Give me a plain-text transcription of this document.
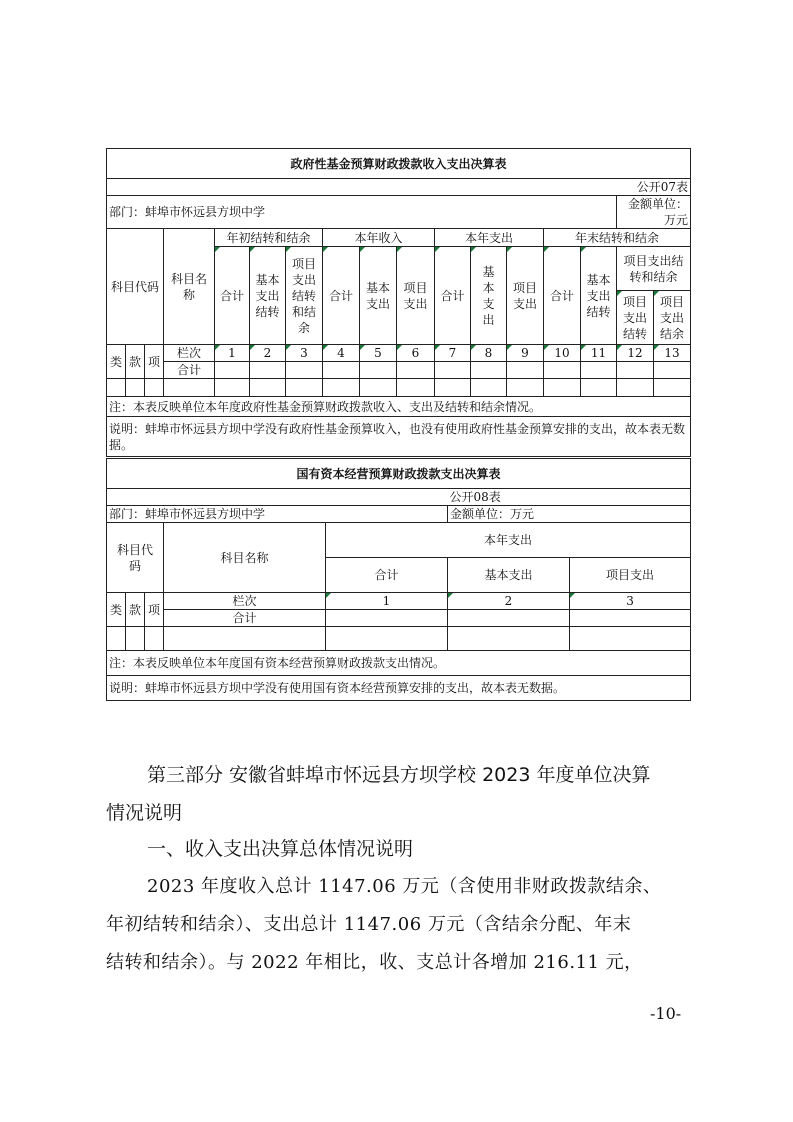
政府性基金预算财政拨款收入支出决算表																
公开07表																
部门：蚌埠市怀远县方坝中学															金额单位：万元	
科目代码			科目名称	年初结转和结余			本年收入			本年支出			年末结转和结余			
				合计	基本支出结转	项目支出结转和结余	合计	基本支出	项目支出	合计	基本支出	项目支出	合计	基本支出结转	项目支出结转和结余	
															项目支出结转	项目支出结余
类	款	项	栏次	1	2	3	4	5	6	7	8	9	10	11	12	13
			合计													

注：本表反映单位本年度政府性基金预算财政拨款收入、支出及结转和结余情况。																
说明：蚌埠市怀远县方坝中学没有政府性基金预算收入，也没有使用政府性基金预算安排的支出，故本表无数据。																
国有资本经营预算财政拨款支出决算表						
					公开08表	
部门：蚌埠市怀远县方坝中学					金额单位：万元	
科目代码			科目名称	本年支出		
				合计	基本支出	项目支出
类	款	项	栏次	1	2	3
			合计			

注：本表反映单位本年度国有资本经营预算财政拨款支出情况。						
说明：蚌埠市怀远县方坝中学没有使用国有资本经营预算安排的支出，故本表无数据。						
第三部分 安徽省蚌埠市怀远县方坝学校 2023 年度单位决算
情况说明
一、收入支出决算总体情况说明
2023 年度收入总计 1147.06 万元（含使用非财政拨款结余、
年初结转和结余）、支出总计 1147.06 万元（含结余分配、年末
结转和结余）。与 2022 年相比，收、支总计各增加 216.11 元，
-10-
